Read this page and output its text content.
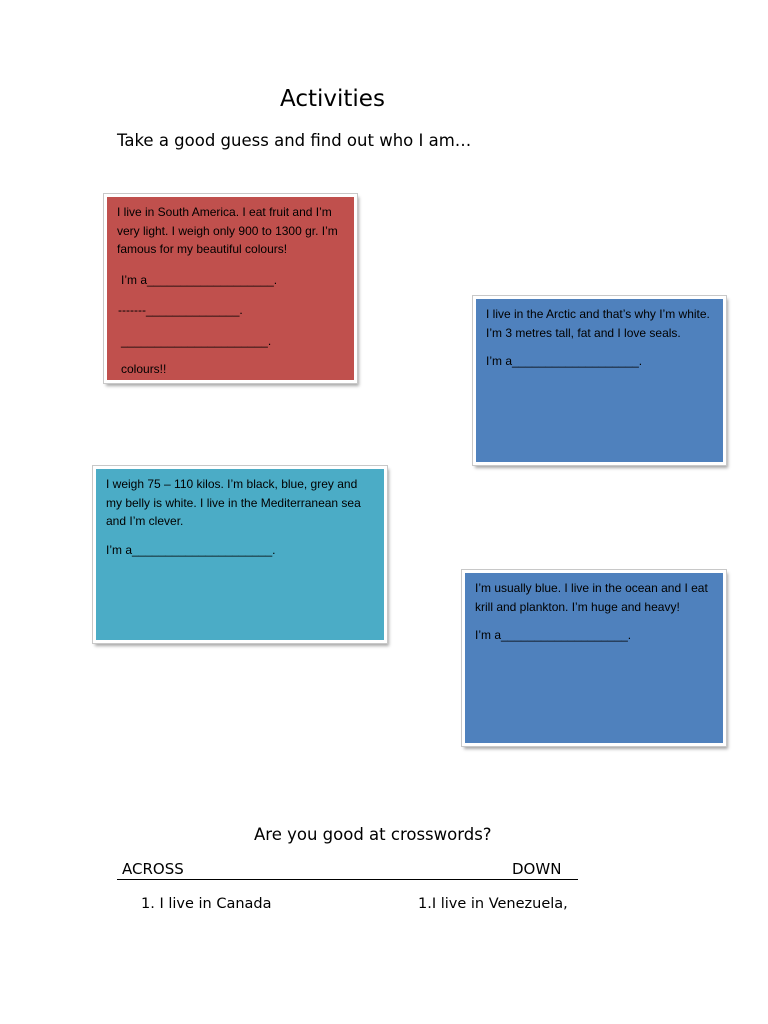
Activities
Take a good guess and find out who I am…

I live in South America. I eat fruit and I’m very light. I weigh only 900 to 1300 gr. I’m famous for my beautiful colours!

I’m a___________________.

-------______________.

______________________.

colours!!

I live in the Arctic and that’s why I’m white. I’m 3 metres tall, fat and I love seals.

I’m a___________________.

I weigh 75 – 110 kilos. I’m black, blue, grey and my belly is white. I live in the Mediterranean sea and I’m clever.

I’m a_____________________.

I’m usually blue. I live in the ocean and I eat krill and plankton. I’m huge and heavy!

I’m a___________________.

Are you good at crosswords?
ACROSS	DOWN
1. I live in Canada	1.I live in Venezuela,
